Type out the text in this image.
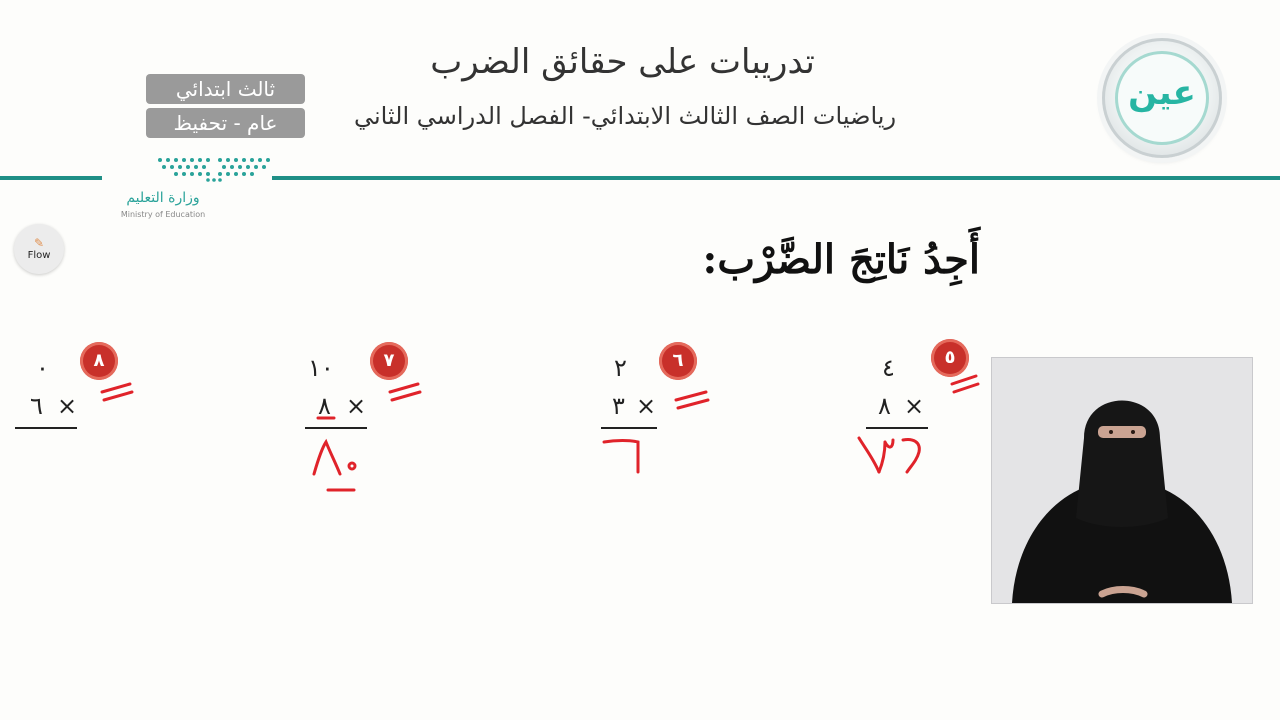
تدريبات على حقائق الضرب
رياضيات الصف الثالث الابتدائي- الفصل الدراسي الثاني
ثالث ابتدائي
عام - تحفيظ
عين
وزارة التعليم
Ministry of Education
✎
Flow	أَجِدُ نَاتِجَ الضَّرْب:
٥
٤
٨ ×
٦
٢
٣ ×
٧
١٠
٨ ×
٨
٠
٦ ×
